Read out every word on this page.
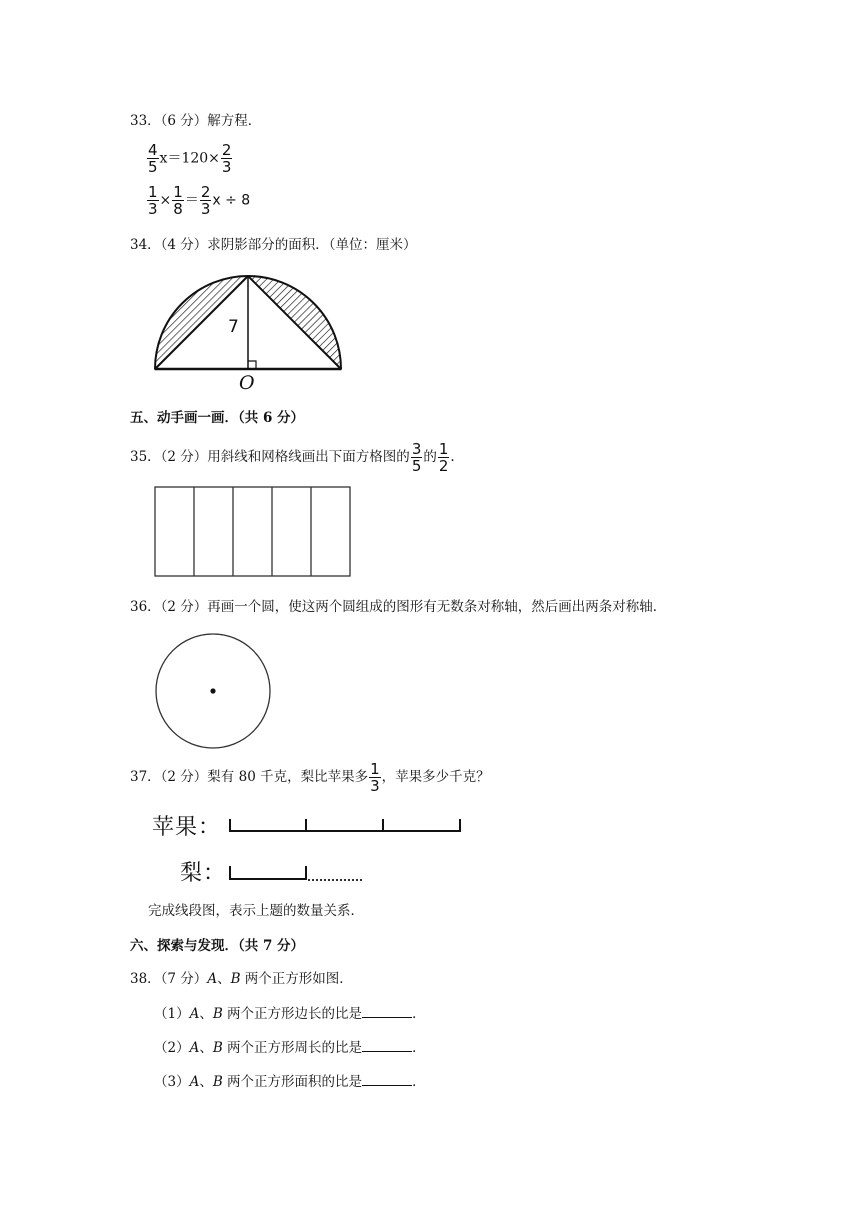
33．（6 分）解方程．
$\frac{4}{5} x=120\times \frac{2}{3}$
$\frac{1}{3} \times \frac{1}{8} = \frac{2}{3}$ x ÷ 8
34．（4 分）求阴影部分的面积．（单位：厘米）
7
O
五、动手画一画．（共 6 分）
35．（2 分）用斜线和网格线画出下面方格图的 $\frac{3}{5}$ 的 $\frac{1}{2}$ .
36．（2 分）再画一个圆，使这两个圆组成的图形有无数条对称轴，然后画出两条对称轴．
37．（2 分）梨有 80 千克，梨比苹果多 $\frac{1}{3}$ ，苹果多少千克？
苹果：
梨：
完成线段图，表示上题的数量关系．
六、探索与发现．（共 7 分）
38．（7 分）A、B 两个正方形如图．
（1）A、B 两个正方形边长的比是	．
（2）A、B 两个正方形周长的比是	．
（3）A、B 两个正方形面积的比是	．
